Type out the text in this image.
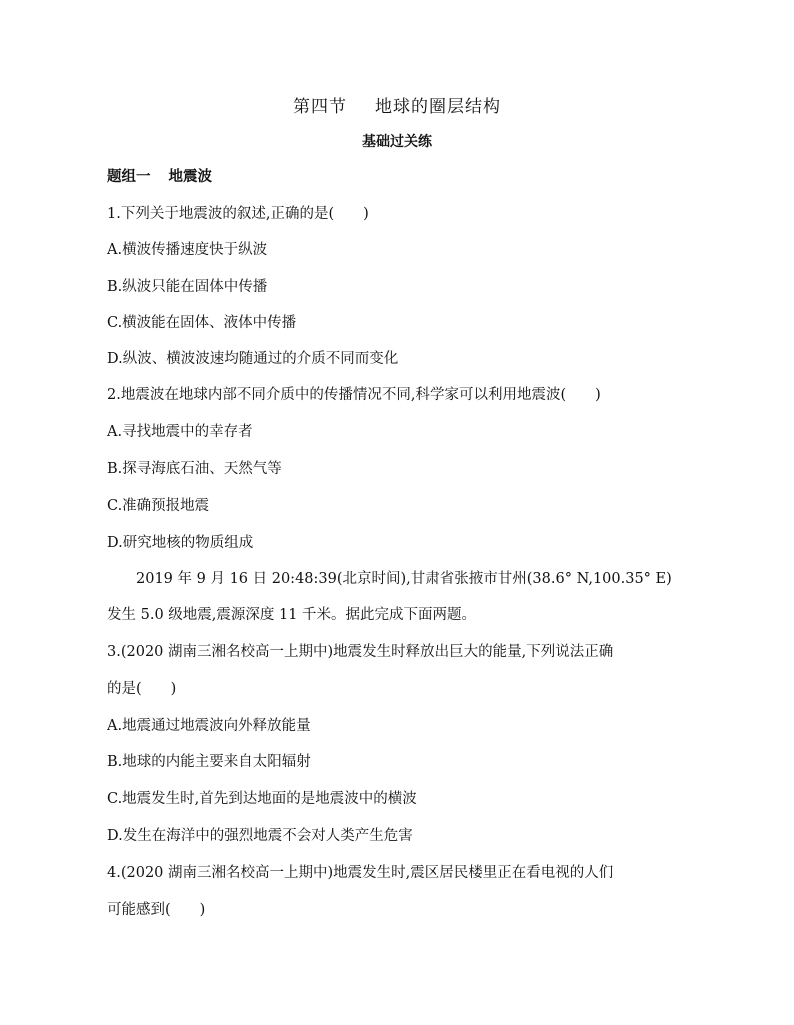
第四节 地球的圈层结构
基础过关练
题组一 地震波
1.下列关于地震波的叙述,正确的是(　　)
A.横波传播速度快于纵波
B.纵波只能在固体中传播
C.横波能在固体、液体中传播
D.纵波、横波波速均随通过的介质不同而变化
2.地震波在地球内部不同介质中的传播情况不同,科学家可以利用地震波(　　)
A.寻找地震中的幸存者
B.探寻海底石油、天然气等
C.准确预报地震
D.研究地核的物质组成
2019 年 9 月 16 日 20:48:39(北京时间),甘肃省张掖市甘州(38.6° N,100.35° E)
发生 5.0 级地震,震源深度 11 千米。据此完成下面两题。
3.(2020 湖南三湘名校高一上期中)地震发生时释放出巨大的能量,下列说法正确
的是(　　)
A.地震通过地震波向外释放能量
B.地球的内能主要来自太阳辐射
C.地震发生时,首先到达地面的是地震波中的横波
D.发生在海洋中的强烈地震不会对人类产生危害
4.(2020 湖南三湘名校高一上期中)地震发生时,震区居民楼里正在看电视的人们
可能感到(　　)
